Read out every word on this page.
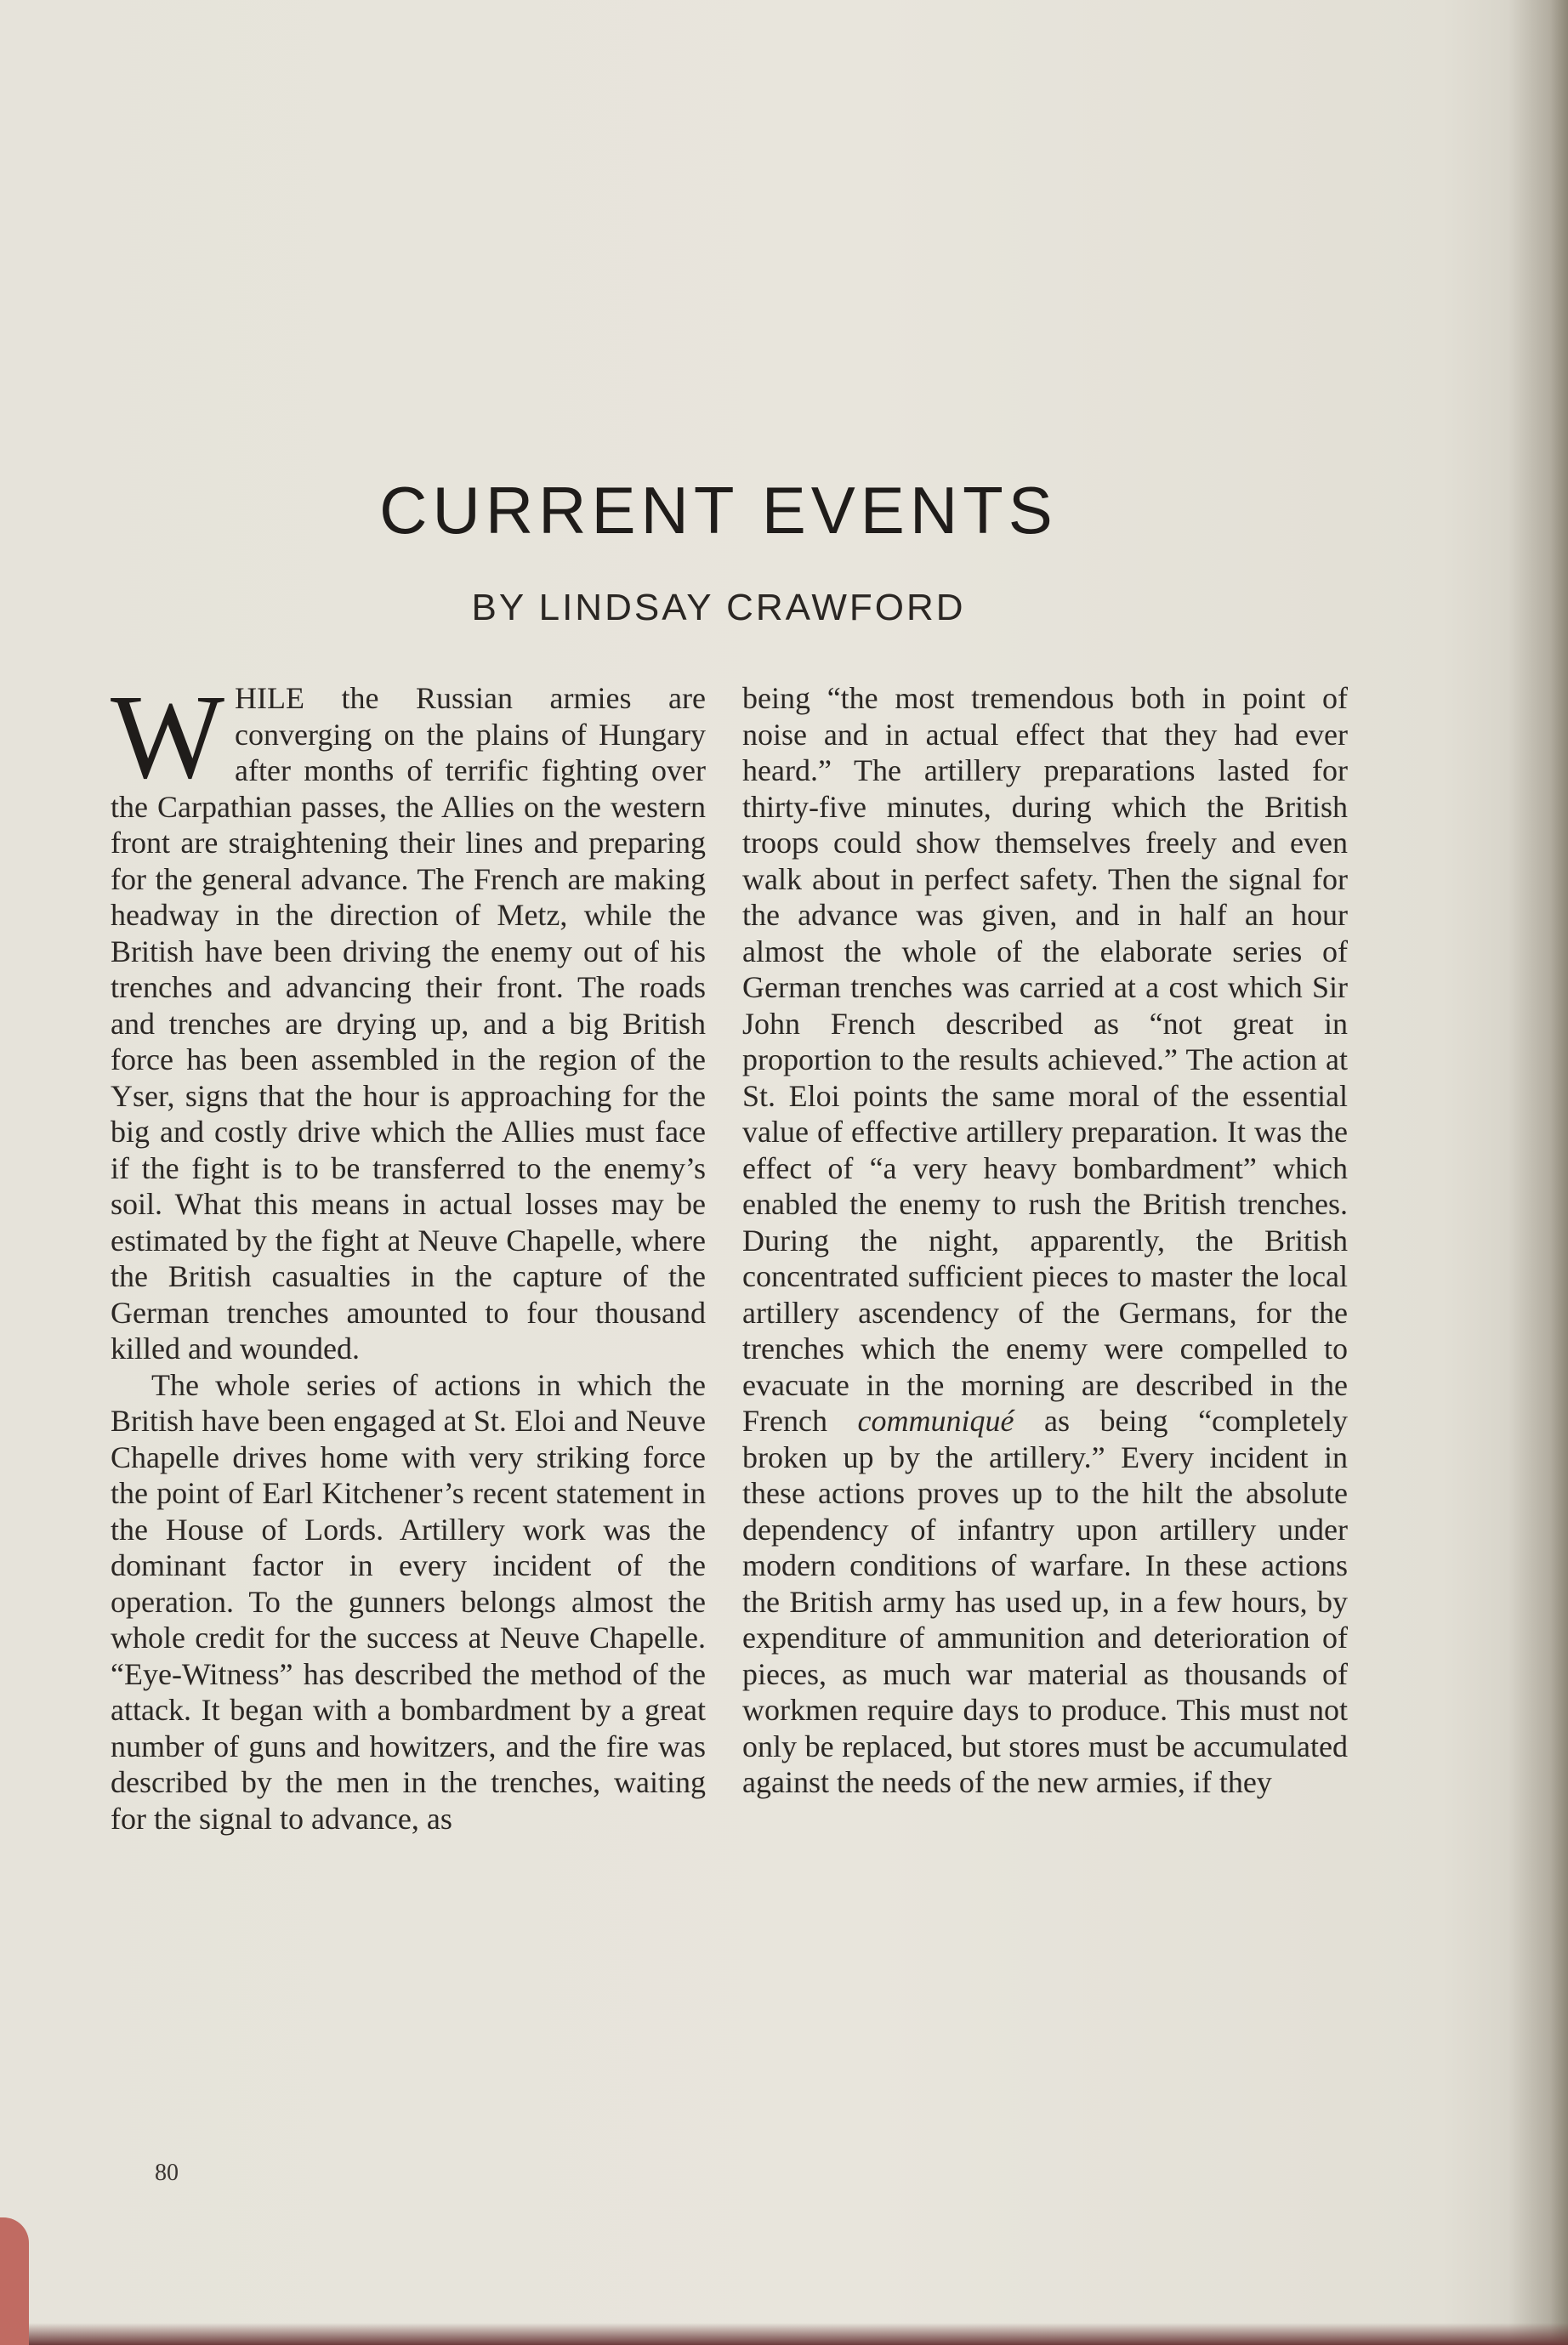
CURRENT EVENTS
BY LINDSAY CRAWFORD

WHILE the Russian armies are converging on the plains of Hungary after months of terrific fighting over the Carpathian passes, the Allies on the western front are straightening their lines and preparing for the general advance. The French are making headway in the direction of Metz, while the British have been driving the enemy out of his trenches and advancing their front. The roads and trenches are drying up, and a big British force has been assembled in the region of the Yser, signs that the hour is approaching for the big and costly drive which the Allies must face if the fight is to be transferred to the enemy’s soil. What this means in actual losses may be estimated by the fight at Neuve Chapelle, where the British casualties in the capture of the German trenches amounted to four thousand killed and wounded.

The whole series of actions in which the British have been engaged at St. Eloi and Neuve Chapelle drives home with very striking force the point of Earl Kitchener’s recent statement in the House of Lords. Artillery work was the dominant factor in every incident of the operation. To the gunners belongs almost the whole credit for the success at Neuve Chapelle. “Eye-Witness” has described the method of the attack. It began with a bombardment by a great number of guns and howitzers, and the fire was described by the men in the trenches, waiting for the signal to advance, as

being “the most tremendous both in point of noise and in actual effect that they had ever heard.” The artillery preparations lasted for thirty-five minutes, during which the British troops could show themselves freely and even walk about in perfect safety. Then the signal for the advance was given, and in half an hour almost the whole of the elaborate series of German trenches was carried at a cost which Sir John French described as “not great in proportion to the results achieved.” The action at St. Eloi points the same moral of the essential value of effective artillery preparation. It was the effect of “a very heavy bombardment” which enabled the enemy to rush the British trenches. During the night, apparently, the British concentrated sufficient pieces to master the local artillery ascendency of the Germans, for the trenches which the enemy were compelled to evacuate in the morning are described in the French communiqué as being “completely broken up by the artillery.” Every incident in these actions proves up to the hilt the absolute dependency of infantry upon artillery under modern conditions of warfare. In these actions the British army has used up, in a few hours, by expenditure of ammunition and deterioration of pieces, as much war material as thousands of workmen require days to produce. This must not only be replaced, but stores must be accumulated against the needs of the new armies, if they

80
